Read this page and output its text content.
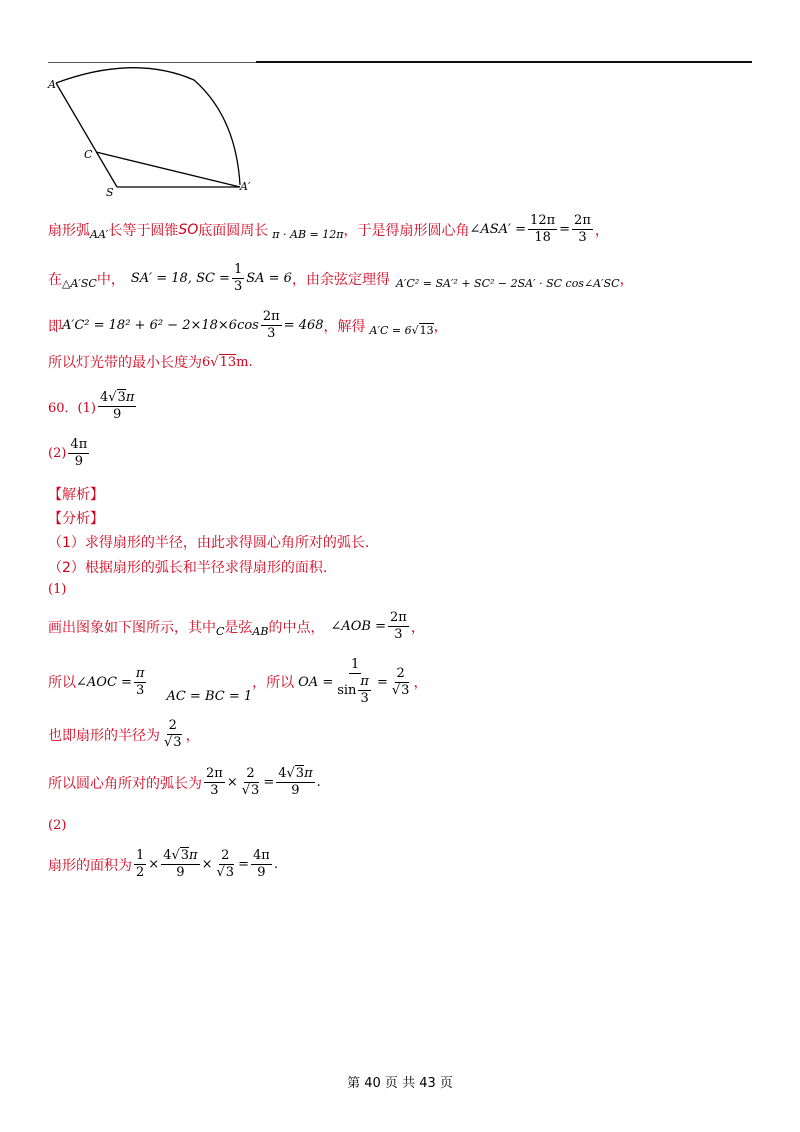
A
C
S	A′
扇形弧 AA′ 长等于圆锥 SO 底面圆周长 π · AB = 12π ，于是得扇形圆心角 ∠ASA′ = $\frac{12\pi}{18} = \frac{2\pi}{3}$ ，
在 △A′SC 中， SA′ = 18, SC = $\frac{1}{3}$ SA = 6 ，由余弦定理得 A′C² = SA′² + SC² − 2SA′ · SC cos∠A′SC ，
即 $A'C^2 = 18^2 + 6^2 - 2\times 18\times 6\cos \frac{2\pi}{3} = 468$ ，解得 A′C = 6 √13 ，
所以灯光带的最小长度为 6 √13 m.
60．$(1) \frac{4√3\pi}{9}$
$(2) \frac{4\pi}{9}$
【解析】
【分析】
（1）求得扇形的半径，由此求得圆心角所对的弧长.
（2）根据扇形的弧长和半径求得扇形的面积.
(1)
画出图象如下图所示，其中 C 是弦 AB 的中点， ∠AOB = $\frac{2\pi}{3}$ ，
所以 ∠AOC = $\frac{\pi}{3}$ AC = BC = 1
，所以 OA = $\frac{1}{\sin \frac{\pi}{3}} = \frac{2}{√3}$ ，
也即扇形的半径为 $\frac{2}{√3}$ ，
所以圆心角所对的弧长为 $\frac{2\pi}{3} \times \frac{2}{√3} = \frac{4√3\pi}{9}$ .
(2)
扇形的面积为 $\frac{1}{2} \times \frac{4√3\pi}{9} \times \frac{2}{√3} = \frac{4\pi}{9}$ .
第 40 页 共 43 页
